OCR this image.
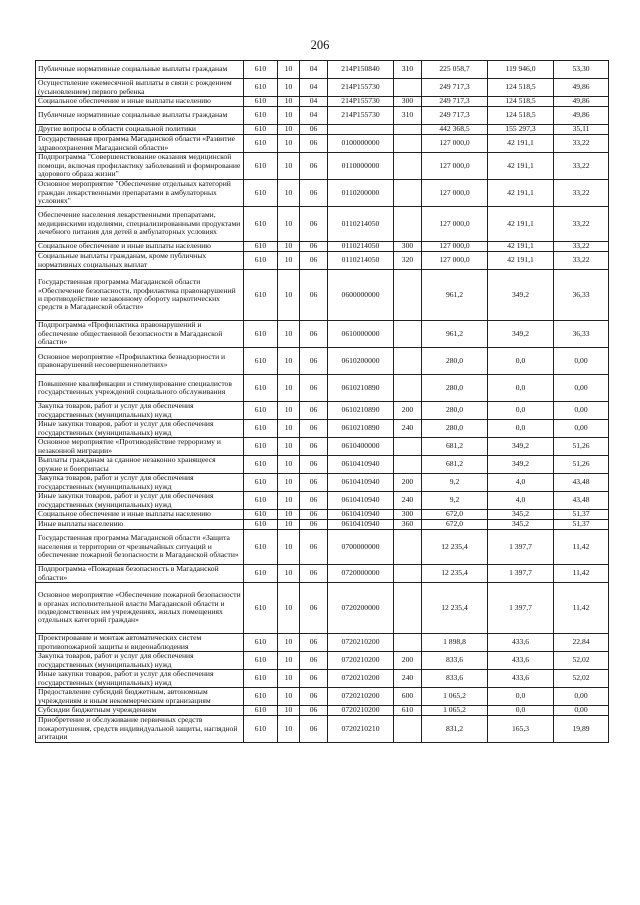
206
Публичные нормативные социальные выплаты гражданам	610	10	04	214P150840	310	225 058,7	119 946,0	53,30
Осуществление ежемесячной выплаты в связи с рождением (усыновлением) первого ребенка	610	10	04	214P155730		249 717,3	124 518,5	49,86
Социальное обеспечение и иные выплаты населению	610	10	04	214P155730	300	249 717,3	124 518,5	49,86
Публичные нормативные социальные выплаты гражданам	610	10	04	214P155730	310	249 717,3	124 518,5	49,86
Другие вопросы в области социальной политики	610	10	06			442 368,5	155 297,3	35,11
Государственная программа Магаданской области «Развитие здравоохранения Магаданской области»	610	10	06	0100000000		127 000,0	42 191,1	33,22
Подпрограмма "Совершенствование оказания медицинской помощи, включая профилактику заболеваний и формирование здорового образа жизни"	610	10	06	0110000000		127 000,0	42 191,1	33,22
Основное мероприятие "Обеспечение отдельных категорий граждан лекарственными препаратами в амбулаторных условиях"	610	10	06	0110200000		127 000,0	42 191,1	33,22
Обеспечение населения лекарственными препаратами, медицинскими изделиями, специализированными продуктами лечебного питания для детей в амбулаторных условиях	610	10	06	0110214050		127 000,0	42 191,1	33,22
Социальное обеспечение и иные выплаты населению	610	10	06	0110214050	300	127 000,0	42 191,1	33,22
Социальные выплаты гражданам, кроме публичных нормативных социальных выплат	610	10	06	0110214050	320	127 000,0	42 191,1	33,22
Государственная программа Магаданской области «Обеспечение безопасности, профилактика правонарушений и противодействие незаконному обороту наркотических средств в Магаданской области»	610	10	06	0600000000		961,2	349,2	36,33
Подпрограмма «Профилактика правонарушений и обеспечение общественной безопасности в Магаданской области»	610	10	06	0610000000		961,2	349,2	36,33
Основное мероприятие «Профилактика безнадзорности и правонарушений несовершеннолетних»	610	10	06	0610200000		280,0	0,0	0,00
Повышение квалификации и стимулирование специалистов государственных учреждений социального обслуживания	610	10	06	0610210890		280,0	0,0	0,00
Закупка товаров, работ и услуг для обеспечения государственных (муниципальных) нужд	610	10	06	0610210890	200	280,0	0,0	0,00
Иные закупки товаров, работ и услуг для обеспечения государственных (муниципальных) нужд	610	10	06	0610210890	240	280,0	0,0	0,00
Основное мероприятие «Противодействие терроризму и незаконной миграции»	610	10	06	0610400000		681,2	349,2	51,26
Выплаты гражданам за сданное незаконно хранящееся оружие и боеприпасы	610	10	06	0610410940		681,2	349,2	51,26
Закупка товаров, работ и услуг для обеспечения государственных (муниципальных) нужд	610	10	06	0610410940	200	9,2	4,0	43,48
Иные закупки товаров, работ и услуг для обеспечения государственных (муниципальных) нужд	610	10	06	0610410940	240	9,2	4,0	43,48
Социальное обеспечение и иные выплаты населению	610	10	06	0610410940	300	672,0	345,2	51,37
Иные выплаты населению	610	10	06	0610410940	360	672,0	345,2	51,37
Государственная программа Магаданской области «Защита населения и территории от чрезвычайных ситуаций и обеспечение пожарной безопасности в Магаданской области»	610	10	06	0700000000		12 235,4	1 397,7	11,42
Подпрограмма «Пожарная безопасность в Магаданской области»	610	10	06	0720000000		12 235,4	1 397,7	11,42
Основное мероприятие «Обеспечение пожарной безопасности в органах исполнительной власти Магаданской области и подведомственных им учреждениях, жилых помещениях отдельных категорий граждан»	610	10	06	0720200000		12 235,4	1 397,7	11,42
Проектирование и монтаж автоматических систем противопожарной защиты и видеонаблюдения	610	10	06	0720210200		1 898,8	433,6	22,84
Закупка товаров, работ и услуг для обеспечения государственных (муниципальных) нужд	610	10	06	0720210200	200	833,6	433,6	52,02
Иные закупки товаров, работ и услуг для обеспечения государственных (муниципальных) нужд	610	10	06	0720210200	240	833,6	433,6	52,02
Предоставление субсидий бюджетным, автономным учреждениям и иным некоммерческим организациям	610	10	06	0720210200	600	1 065,2	0,0	0,00
Субсидии бюджетным учреждениям	610	10	06	0720210200	610	1 065,2	0,0	0,00
Приобретение и обслуживание первичных средств пожаротушения, средств индивидуальной защиты, наглядной агитации	610	10	06	0720210210		831,2	165,3	19,89
